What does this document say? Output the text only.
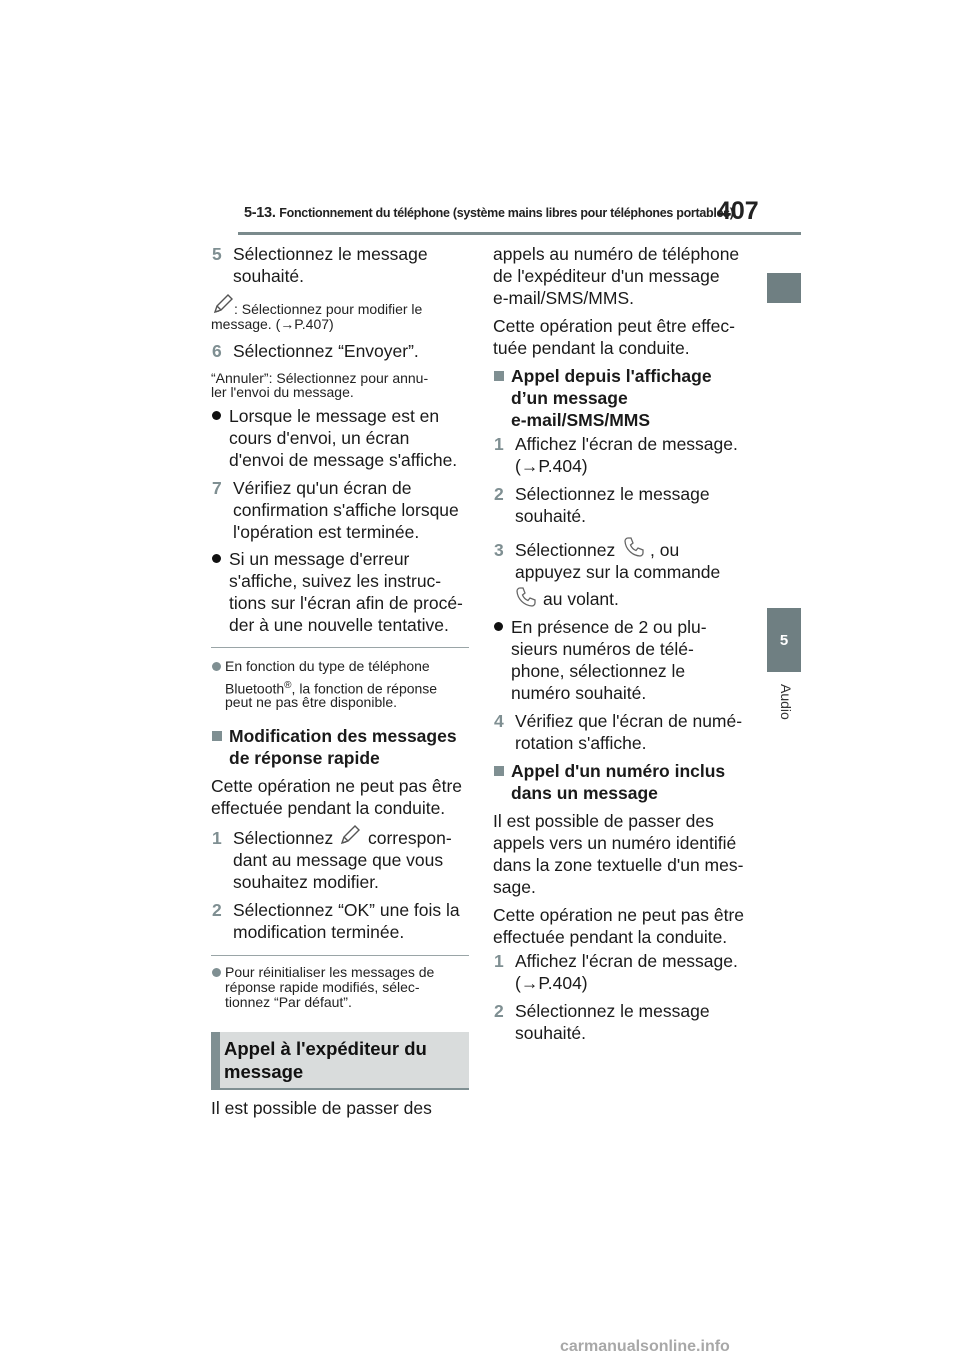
5-13. Fonctionnement du téléphone (système mains libres pour téléphones portables)
407
5
Audio
5 Sélectionnez le message
souhaité.
: Sélectionnez pour modifier le
message. (→P.407)
6 Sélectionnez “Envoyer”.
“Annuler”: Sélectionnez pour annu-
ler l'envoi du message.
Lorsque le message est en
cours d'envoi, un écran
d'envoi de message s'affiche.
7 Vérifiez qu'un écran de
confirmation s'affiche lorsque
l'opération est terminée.
Si un message d'erreur
s'affiche, suivez les instruc-
tions sur l'écran afin de procé-
der à une nouvelle tentative.
En fonction du type de téléphone
Bluetooth®, la fonction de réponse
peut ne pas être disponible.
Modification des messages
de réponse rapide
Cette opération ne peut pas être
effectuée pendant la conduite.
1 Sélectionnez correspon-
dant au message que vous
souhaitez modifier.
2 Sélectionnez “OK” une fois la
modification terminée.
Pour réinitialiser les messages de
réponse rapide modifiés, sélec-
tionnez “Par défaut”.
Appel à l'expéditeur du
message
Il est possible de passer des
appels au numéro de téléphone
de l'expéditeur d'un message
e-mail/SMS/MMS.
Cette opération peut être effec-
tuée pendant la conduite.
Appel depuis l'affichage
d’un message
e-mail/SMS/MMS
1 Affichez l'écran de message.
(→P.404)
2 Sélectionnez le message
souhaité.
3 Sélectionnez , ou
appuyez sur la commande
au volant.
En présence de 2 ou plu-
sieurs numéros de télé-
phone, sélectionnez le
numéro souhaité.
4 Vérifiez que l'écran de numé-
rotation s'affiche.
Appel d'un numéro inclus
dans un message
Il est possible de passer des
appels vers un numéro identifié
dans la zone textuelle d'un mes-
sage.
Cette opération ne peut pas être
effectuée pendant la conduite.
1 Affichez l'écran de message.
(→P.404)
2 Sélectionnez le message
souhaité.
carmanualsonline.info
